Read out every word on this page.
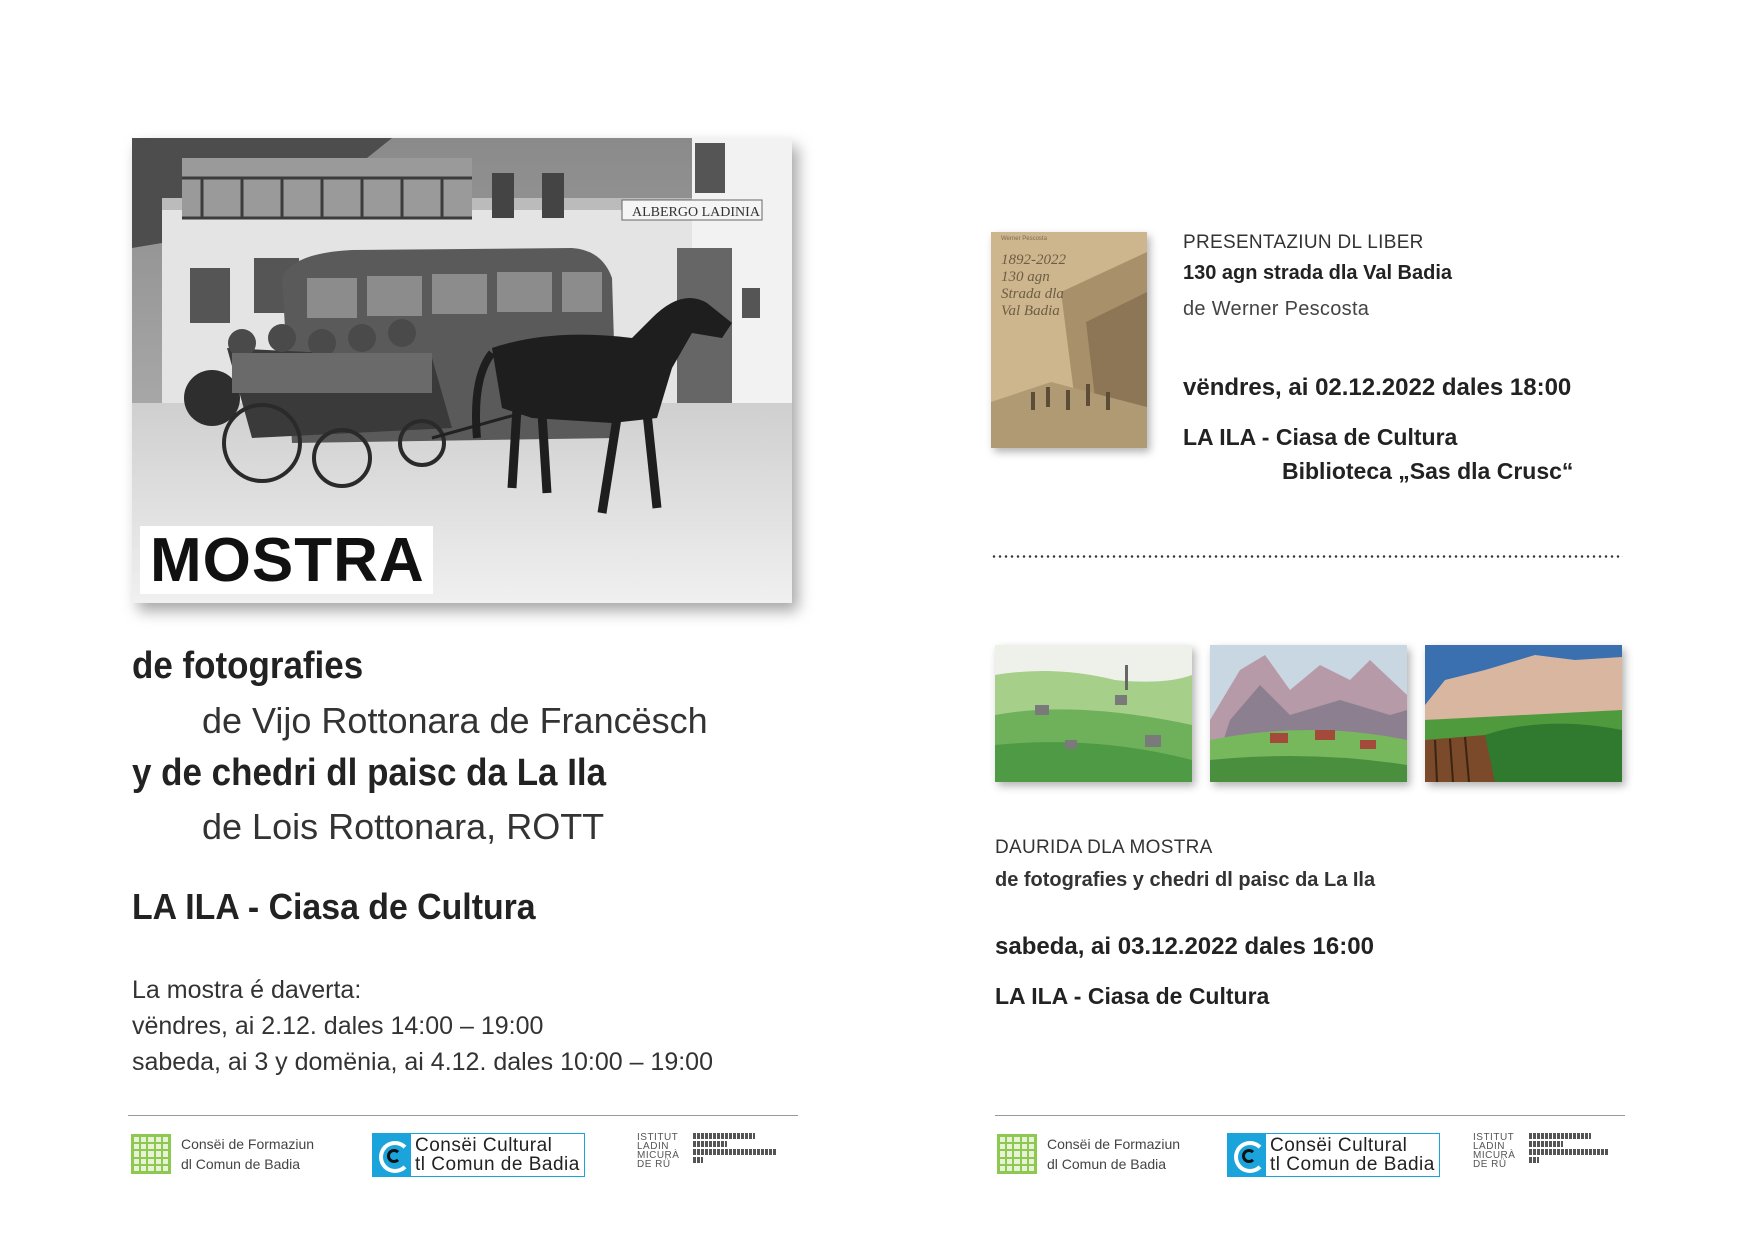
ALBERGO LADINIA
MOSTRA
de fotografies
de Vijo Rottonara de Francësch
y de chedri dl paisc da La Ila
de Lois Rottonara, ROTT
LA ILA - Ciasa de Cultura
La mostra é daverta:
vëndres, ai 2.12. dales 14:00 – 19:00
sabeda, ai 3 y domënia, ai 4.12. dales 10:00 – 19:00
Consëi de Formaziun
dl Comun de Badia
Consëi Cultural
tl Comun de Badia
ISTITUT
LADIN
MICURÀ
DE RÜ
Werner Pescosta
1892-2022
130 agn
Strada dla
Val Badia
PRESENTAZIUN DL LIBER
130 agn strada dla Val Badia
de Werner Pescosta
vëndres, ai 02.12.2022 dales 18:00
LA ILA - Ciasa de Cultura
Biblioteca „Sas dla Crusc“
DAURIDA DLA MOSTRA
de fotografies y chedri dl paisc da La Ila
sabeda, ai 03.12.2022 dales 16:00
LA ILA - Ciasa de Cultura
Consëi de Formaziun
dl Comun de Badia
Consëi Cultural
tl Comun de Badia
ISTITUT
LADIN
MICURÀ
DE RÜ
